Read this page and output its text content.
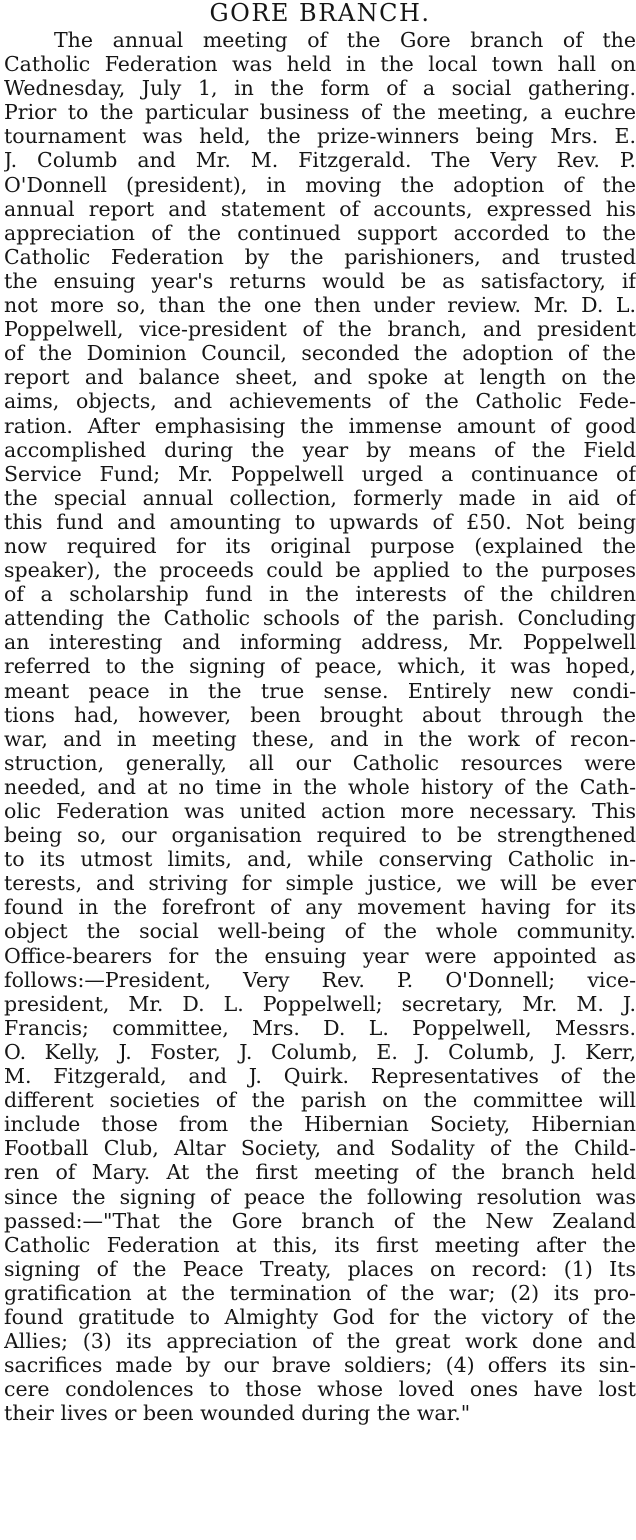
GORE BRANCH.
The annual meeting of the Gore branch of the
Catholic Federation was held in the local town hall on
Wednesday, July 1, in the form of a social gathering.
Prior to the particular business of the meeting, a euchre
tournament was held, the prize-winners being Mrs. E.
J. Columb and Mr. M. Fitzgerald. The Very Rev. P.
O'Donnell (president), in moving the adoption of the
annual report and statement of accounts, expressed his
appreciation of the continued support accorded to the
Catholic Federation by the parishioners, and trusted
the ensuing year's returns would be as satisfactory, if
not more so, than the one then under review. Mr. D. L.
Poppelwell, vice-president of the branch, and president
of the Dominion Council, seconded the adoption of the
report and balance sheet, and spoke at length on the
aims, objects, and achievements of the Catholic Fede-
ration. After emphasising the immense amount of good
accomplished during the year by means of the Field
Service Fund; Mr. Poppelwell urged a continuance of
the special annual collection, formerly made in aid of
this fund and amounting to upwards of £50. Not being
now required for its original purpose (explained the
speaker), the proceeds could be applied to the purposes
of a scholarship fund in the interests of the children
attending the Catholic schools of the parish. Concluding
an interesting and informing address, Mr. Poppelwell
referred to the signing of peace, which, it was hoped,
meant peace in the true sense. Entirely new condi-
tions had, however, been brought about through the
war, and in meeting these, and in the work of recon-
struction, generally, all our Catholic resources were
needed, and at no time in the whole history of the Cath-
olic Federation was united action more necessary. This
being so, our organisation required to be strengthened
to its utmost limits, and, while conserving Catholic in-
terests, and striving for simple justice, we will be ever
found in the forefront of any movement having for its
object the social well-being of the whole community.
Office-bearers for the ensuing year were appointed as
follows:—President, Very Rev. P. O'Donnell; vice-
president, Mr. D. L. Poppelwell; secretary, Mr. M. J.
Francis; committee, Mrs. D. L. Poppelwell, Messrs.
O. Kelly, J. Foster, J. Columb, E. J. Columb, J. Kerr,
M. Fitzgerald, and J. Quirk. Representatives of the
different societies of the parish on the committee will
include those from the Hibernian Society, Hibernian
Football Club, Altar Society, and Sodality of the Child-
ren of Mary. At the first meeting of the branch held
since the signing of peace the following resolution was
passed:—"That the Gore branch of the New Zealand
Catholic Federation at this, its first meeting after the
signing of the Peace Treaty, places on record: (1) Its
gratification at the termination of the war; (2) its pro-
found gratitude to Almighty God for the victory of the
Allies; (3) its appreciation of the great work done and
sacrifices made by our brave soldiers; (4) offers its sin-
cere condolences to those whose loved ones have lost
their lives or been wounded during the war."
